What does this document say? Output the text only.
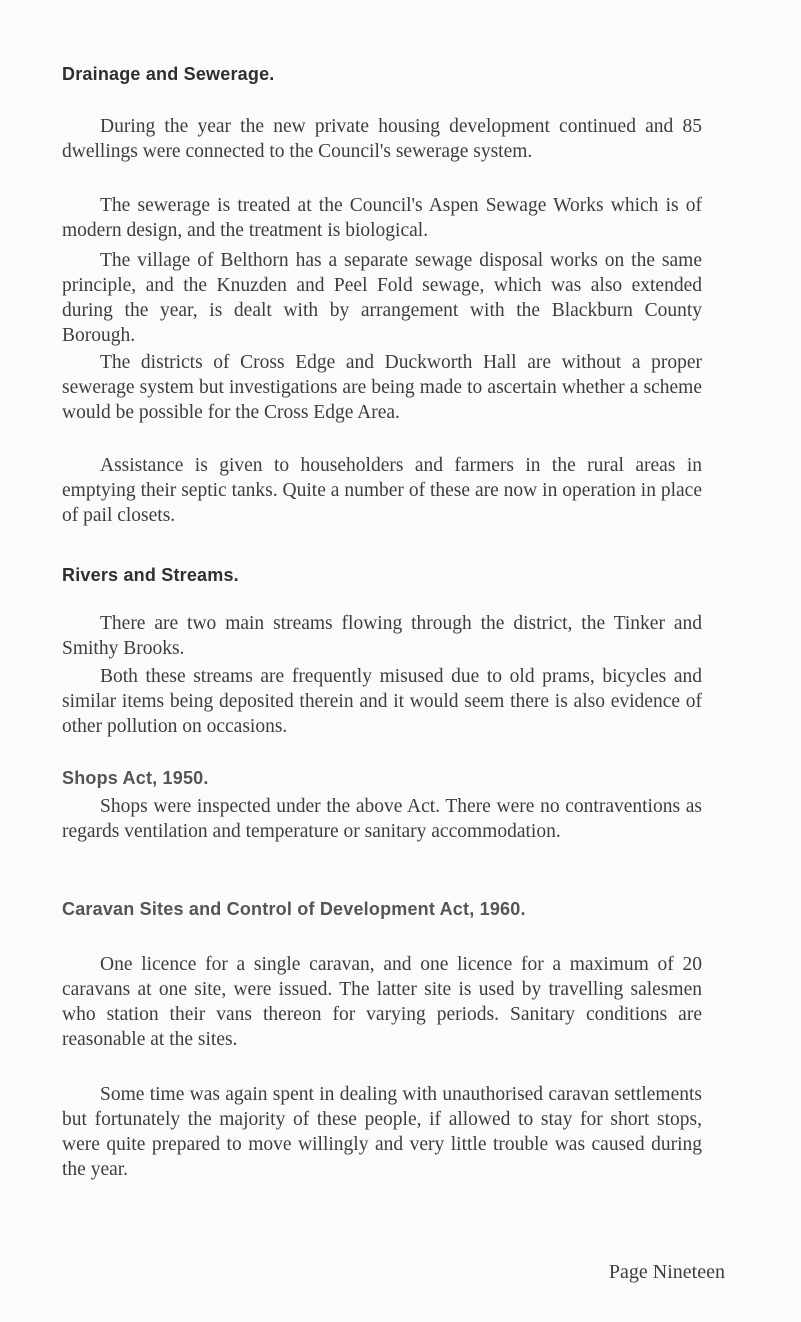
Drainage and Sewerage.

During the year the new private housing development continued and 85 dwellings were connected to the Council's sewerage system.

The sewerage is treated at the Council's Aspen Sewage Works which is of modern design, and the treatment is biological.

The village of Belthorn has a separate sewage disposal works on the same principle, and the Knuzden and Peel Fold sewage, which was also extended during the year, is dealt with by arrangement with the Blackburn County Borough.

The districts of Cross Edge and Duckworth Hall are without a proper sewerage system but investigations are being made to ascertain whether a scheme would be possible for the Cross Edge Area.

Assistance is given to householders and farmers in the rural areas in emptying their septic tanks. Quite a number of these are now in operation in place of pail closets.

Rivers and Streams.

There are two main streams flowing through the district, the Tinker and Smithy Brooks.

Both these streams are frequently misused due to old prams, bicycles and similar items being deposited therein and it would seem there is also evidence of other pollution on occasions.

Shops Act, 1950.

Shops were inspected under the above Act. There were no contraventions as regards ventilation and temperature or sanitary accommodation.

Caravan Sites and Control of Development Act, 1960.

One licence for a single caravan, and one licence for a maximum of 20 caravans at one site, were issued. The latter site is used by travelling salesmen who station their vans thereon for varying periods. Sanitary conditions are reasonable at the sites.

Some time was again spent in dealing with unauthorised caravan settlements but fortunately the majority of these people, if allowed to stay for short stops, were quite prepared to move willingly and very little trouble was caused during the year.

Page Nineteen
